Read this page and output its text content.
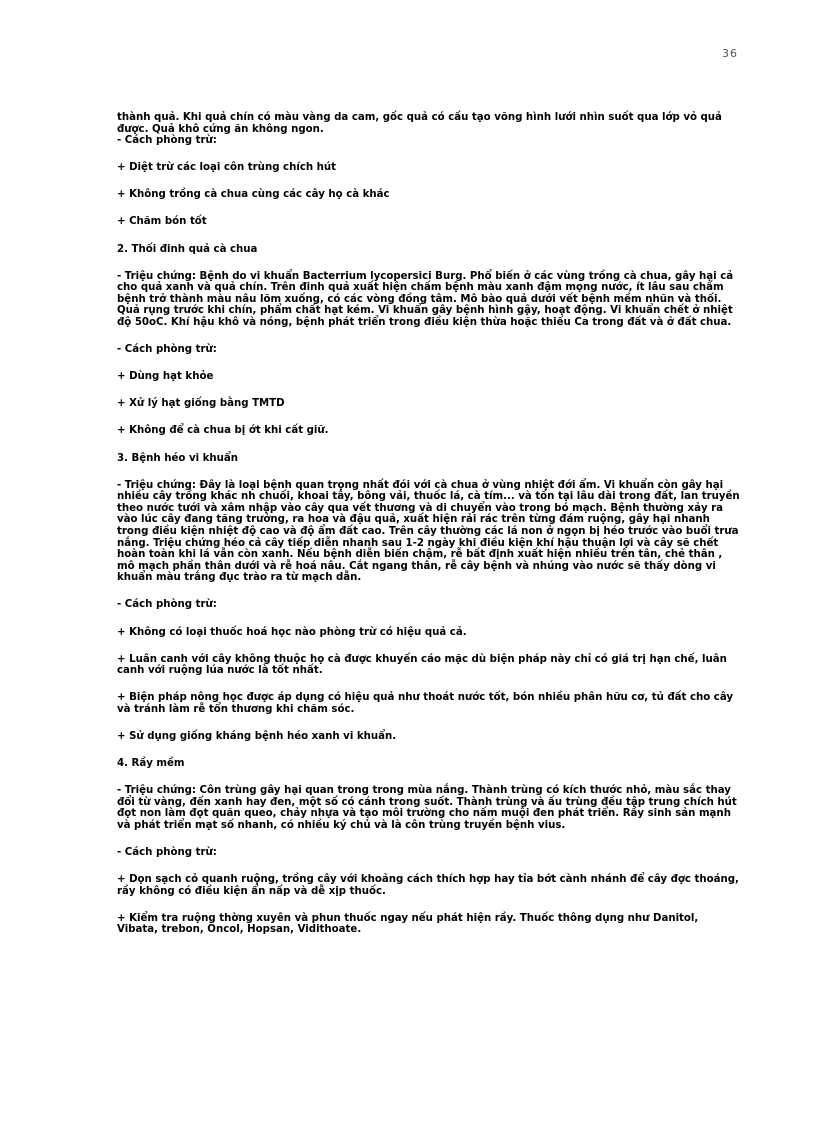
36

thành quả. Khi quả chín có màu vàng da cam, gốc quả có cấu tạo võng hình lưới nhìn suốt qua lớp vỏ quả được. Quả khô cứng ăn không ngon.

- Cách phòng trừ:

+ Diệt trừ các loại côn trùng chích hút

+ Không trồng cà chua cùng các cây họ cà khác

+ Chăm bón tốt

2. Thối đinh quả cà chua

- Triệu chứng: Bệnh do vi khuẩn Bacterrium lycopersici Burg. Phổ biến ở các vùng trồng cà chua, gây hại cả cho quả xanh và quả chín. Trên đinh quả xuất hiện chấm bệnh màu xanh đậm mọng nước, ít lâu sau chấm bệnh trở thành màu nâu lõm xuống, có các vòng đồng tâm. Mô bào quả dưới vết bệnh mềm nhũn và thối. Quả rụng trước khi chín, phẩm chất hạt kém. Vi khuẩn gây bệnh hình gậy, hoạt động. Vi khuẩn chết ở nhiệt độ 50oC. Khí hậu khô và nóng, bệnh phát triển trong điều kiện thừa hoặc thiếu Ca trong đất và ở đất chua.

- Cách phòng trừ:

+ Dùng hạt khỏe

+ Xử lý hạt giống bằng TMTD

+ Không để cà chua bị ớt khi cất giữ.

3. Bệnh héo vi khuẩn

- Triệu chứng: Đây là loại bệnh quan trọng nhất đói với cà chua ở vùng nhiệt đới ẩm. Vi khuẩn còn gây hại nhiều cây trồng khác nh chuối, khoai tây, bông vải, thuốc lá, cà tím... và tồn tại lâu dài trong đất, lan truyền theo nước tưới và xâm nhập vào cây qua vết thương và di chuyển vào trong bó mạch. Bệnh thường xảy ra vào lúc cây đang tăng trưởng, ra hoa và đậu quả, xuất hiện rải rác trên từng đám ruộng, gây hại nhanh trong điều kiện nhiệt độ cao và độ ẩm đất cao. Trên cây thường các lá non ở ngọn bị héo trước vào buổi trưa nắng. Triệu chứng héo cả cây tiếp diễn nhanh sau 1-2 ngày khi điều kiện khí hậu thuận lợi và cây sẽ chết hoàn toàn khi lá vẫn còn xanh. Nếu bệnh diễn biến chậm, rễ bất định xuất hiện nhiều trên tân, chẻ thân , mô mạch phần thân dưới và rễ hoá nâu. Cắt ngang thân, rễ cây bệnh và nhúng vào nước sẽ thấy dòng vi khuẩn màu trắng đục trào ra từ mạch dẫn.

- Cách phòng trừ:

+ Không có loại thuốc hoá học nào phòng trừ có hiệu quả cả.

+ Luân canh với cây không thuộc họ cà được khuyến cáo mặc dù biện pháp này chỉ có giá trị hạn chế, luân canh với ruộng lúa nước là tốt nhất.

+ Biện pháp nông học được áp dụng có hiệu quả như thoát nước tốt, bón nhiều phân hữu cơ, tủ đất cho cây và tránh làm rễ tổn thương khi chăm sóc.

+ Sử dụng giống kháng bệnh héo xanh vi khuẩn.

4. Rầy mềm

- Triệu chứng: Côn trùng gây hại quan trong trong mùa nắng. Thành trùng có kích thước nhỏ, màu sắc thay đổi từ vàng, đến xanh hay đen, một số có cánh trong suốt. Thành trùng và ấu trùng đều tập trung chích hút đọt non làm đọt quăn queo, chảy nhựa và tạo môi trường cho nấm muội đen phát triển. Rầy sinh sản mạnh và phát triển mạt số nhanh, có nhiều ký chủ và là côn trùng truyền bệnh vius.

- Cách phòng trừ:

+ Dọn sạch cỏ quanh ruộng, trồng cây với khoảng cách thích hợp hay tỉa bớt cành nhánh để cây đợc thoáng, rầy không có điều kiện ẩn nấp và dễ xịp thuốc.

+ Kiểm tra ruộng thờng xuyên và phun thuốc ngay nếu phát hiện rầy. Thuốc thông dụng như Danitol, Vibata, trebon, Oncol, Hopsan, Vidithoate.
